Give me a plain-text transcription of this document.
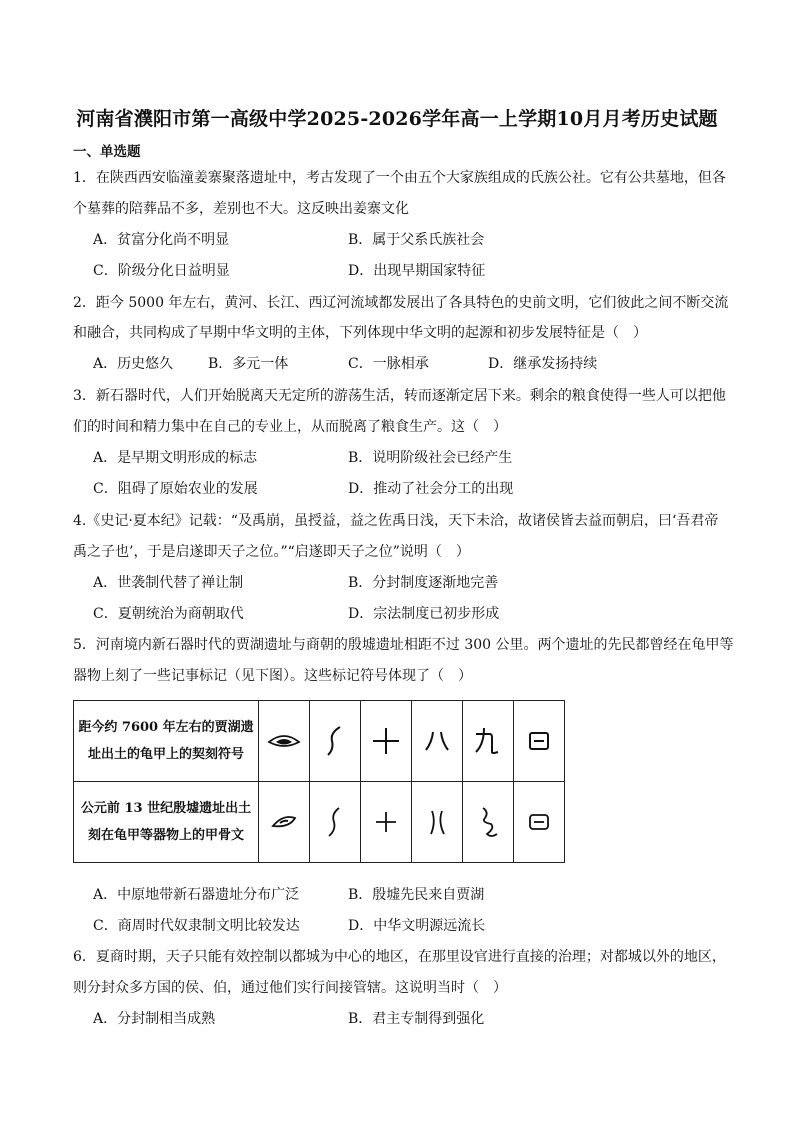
河南省濮阳市第一高级中学2025-2026学年高一上学期10月月考历史试题
一、单选题
1．在陕西西安临潼姜寨聚落遗址中，考古发现了一个由五个大家族组成的氏族公社。它有公共墓地，但各
个墓葬的陪葬品不多，差别也不大。这反映出姜寨文化
A．贫富分化尚不明显	B．属于父系氏族社会
C．阶级分化日益明显	D．出现早期国家特征
2．距今 5000 年左右，黄河、长江、西辽河流域都发展出了各具特色的史前文明，它们彼此之间不断交流
和融合，共同构成了早期中华文明的主体，下列体现中华文明的起源和初步发展特征是（　）
A．历史悠久 B．多元一体	C．一脉相承	D．继承发扬持续
3．新石器时代，人们开始脱离天无定所的游荡生活，转而逐渐定居下来。剩余的粮食使得一些人可以把他
们的时间和精力集中在自己的专业上，从而脱离了粮食生产。这（　）
A．是早期文明形成的标志	B．说明阶级社会已经产生
C．阻碍了原始农业的发展	D．推动了社会分工的出现
4.《史记·夏本纪》记载：“及禹崩，虽授益，益之佐禹日浅，天下未洽，故诸侯皆去益而朝启，曰‘吾君帝
禹之子也’，于是启遂即天子之位。”“启遂即天子之位”说明（　）
A．世袭制代替了禅让制	B．分封制度逐渐地完善
C．夏朝统治为商朝取代	D．宗法制度已初步形成
5．河南境内新石器时代的贾湖遗址与商朝的殷墟遗址相距不过 300 公里。两个遗址的先民都曾经在龟甲等
器物上刻了一些记事标记（见下图）。这些标记符号体现了（　）
距今约 7600 年左右的贾湖遗
址出土的龟甲上的契刻符号

公元前 13 世纪殷墟遗址出土
刻在龟甲等器物上的甲骨文

A．中原地带新石器遗址分布广泛	B．殷墟先民来自贾湖
C．商周时代奴隶制文明比较发达	D．中华文明源远流长
6．夏商时期，天子只能有效控制以都城为中心的地区，在那里设官进行直接的治理；对都城以外的地区，
则分封众多方国的侯、伯，通过他们实行间接管辖。这说明当时（　）
A．分封制相当成熟	B．君主专制得到强化
